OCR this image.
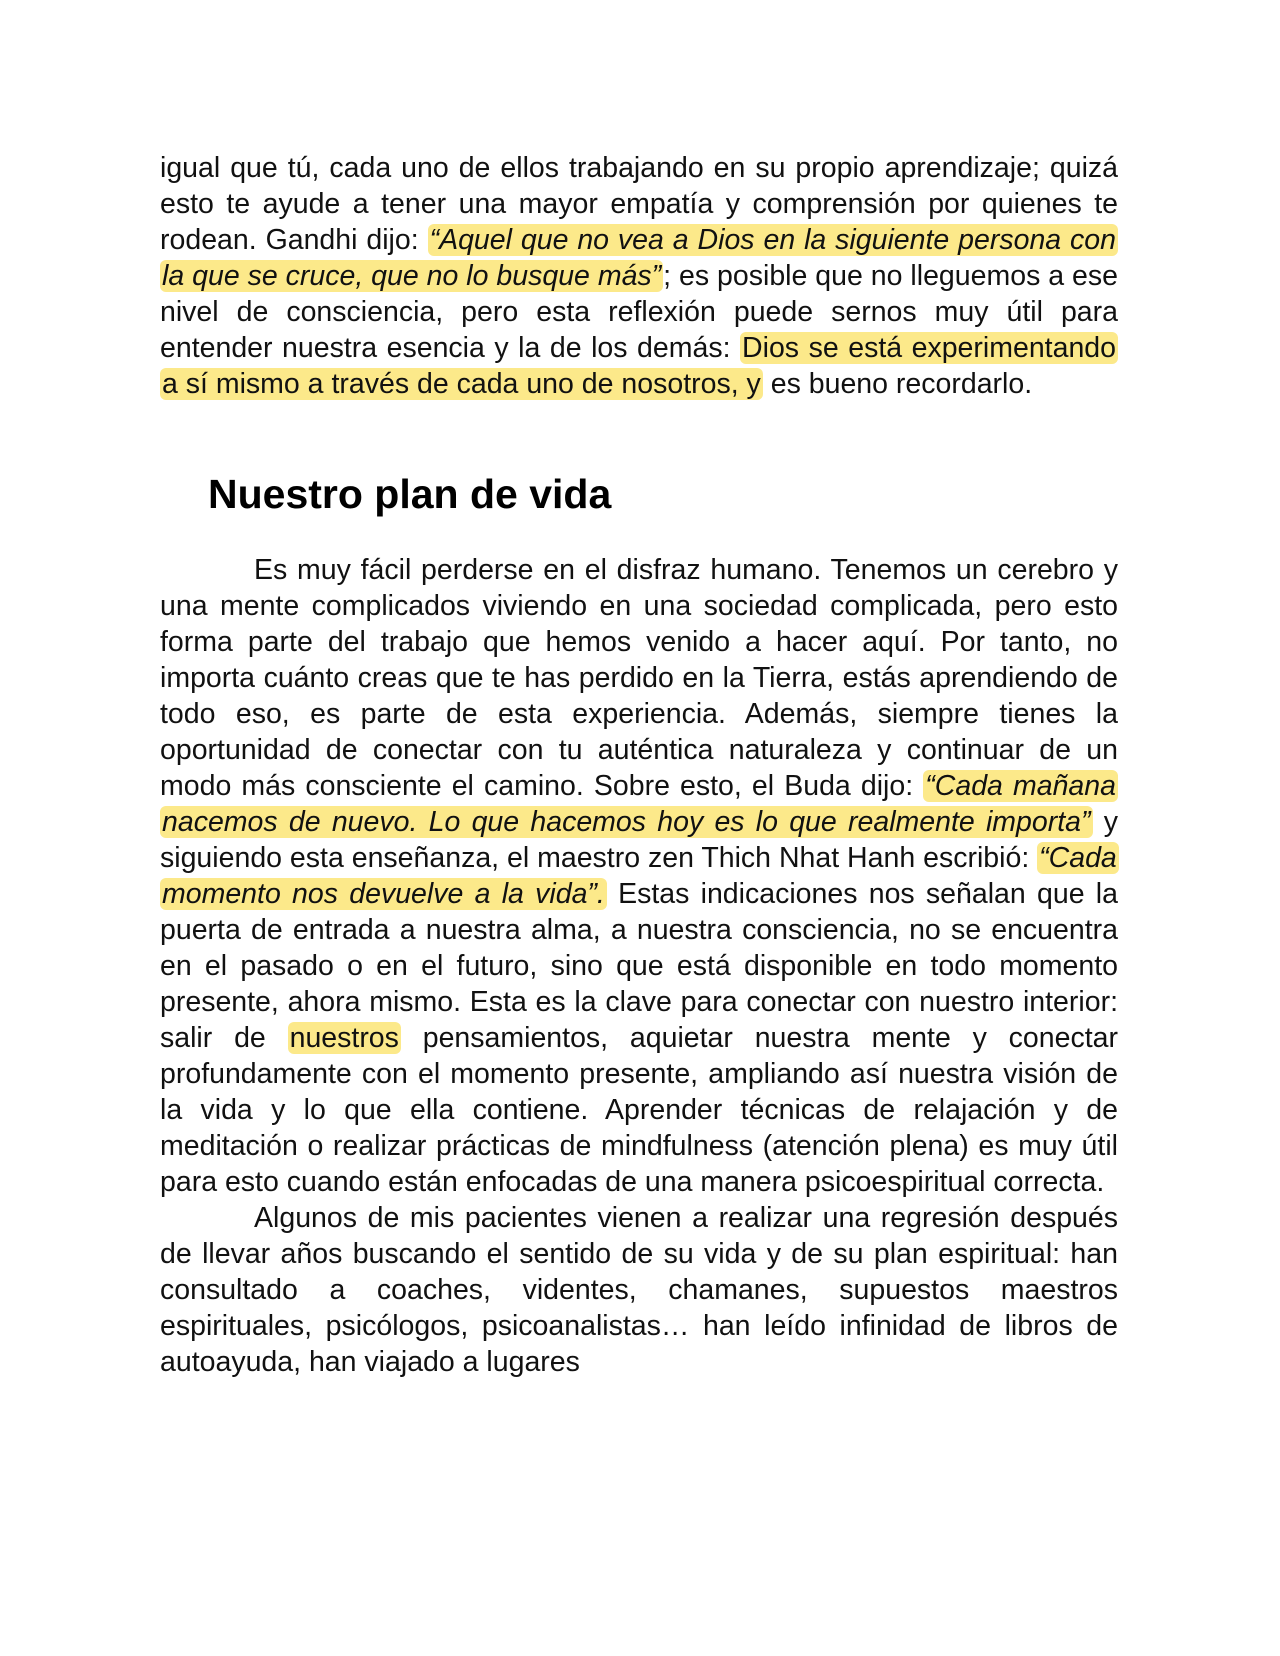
igual que tú, cada uno de ellos trabajando en su propio aprendizaje; quizá esto te ayude a tener una mayor empatía y comprensión por quienes te rodean. Gandhi dijo: “Aquel que no vea a Dios en la siguiente persona con la que se cruce, que no lo busque más”; es posible que no lleguemos a ese nivel de consciencia, pero esta reflexión puede sernos muy útil para entender nuestra esencia y la de los demás: Dios se está experimentando a sí mismo a través de cada uno de nosotros, y es bueno recordarlo.

Nuestro plan de vida

Es muy fácil perderse en el disfraz humano. Tenemos un cerebro y una mente complicados viviendo en una sociedad complicada, pero esto forma parte del trabajo que hemos venido a hacer aquí. Por tanto, no importa cuánto creas que te has perdido en la Tierra, estás aprendiendo de todo eso, es parte de esta experiencia. Además, siempre tienes la oportunidad de conectar con tu auténtica naturaleza y continuar de un modo más consciente el camino. Sobre esto, el Buda dijo: “Cada mañana nacemos de nuevo. Lo que hacemos hoy es lo que realmente importa” y siguiendo esta enseñanza, el maestro zen Thich Nhat Hanh escribió: “Cada momento nos devuelve a la vida”. Estas indicaciones nos señalan que la puerta de entrada a nuestra alma, a nuestra consciencia, no se encuentra en el pasado o en el futuro, sino que está disponible en todo momento presente, ahora mismo. Esta es la clave para conectar con nuestro interior: salir de nuestros pensamientos, aquietar nuestra mente y conectar profundamente con el momento presente, ampliando así nuestra visión de la vida y lo que ella contiene. Aprender técnicas de relajación y de meditación o realizar prácticas de mindfulness (atención plena) es muy útil para esto cuando están enfocadas de una manera psicoespiritual correcta.

Algunos de mis pacientes vienen a realizar una regresión después de llevar años buscando el sentido de su vida y de su plan espiritual: han consultado a coaches, videntes, chamanes, supuestos maestros espirituales, psicólogos, psicoanalistas… han leído infinidad de libros de autoayuda, han viajado a lugares
